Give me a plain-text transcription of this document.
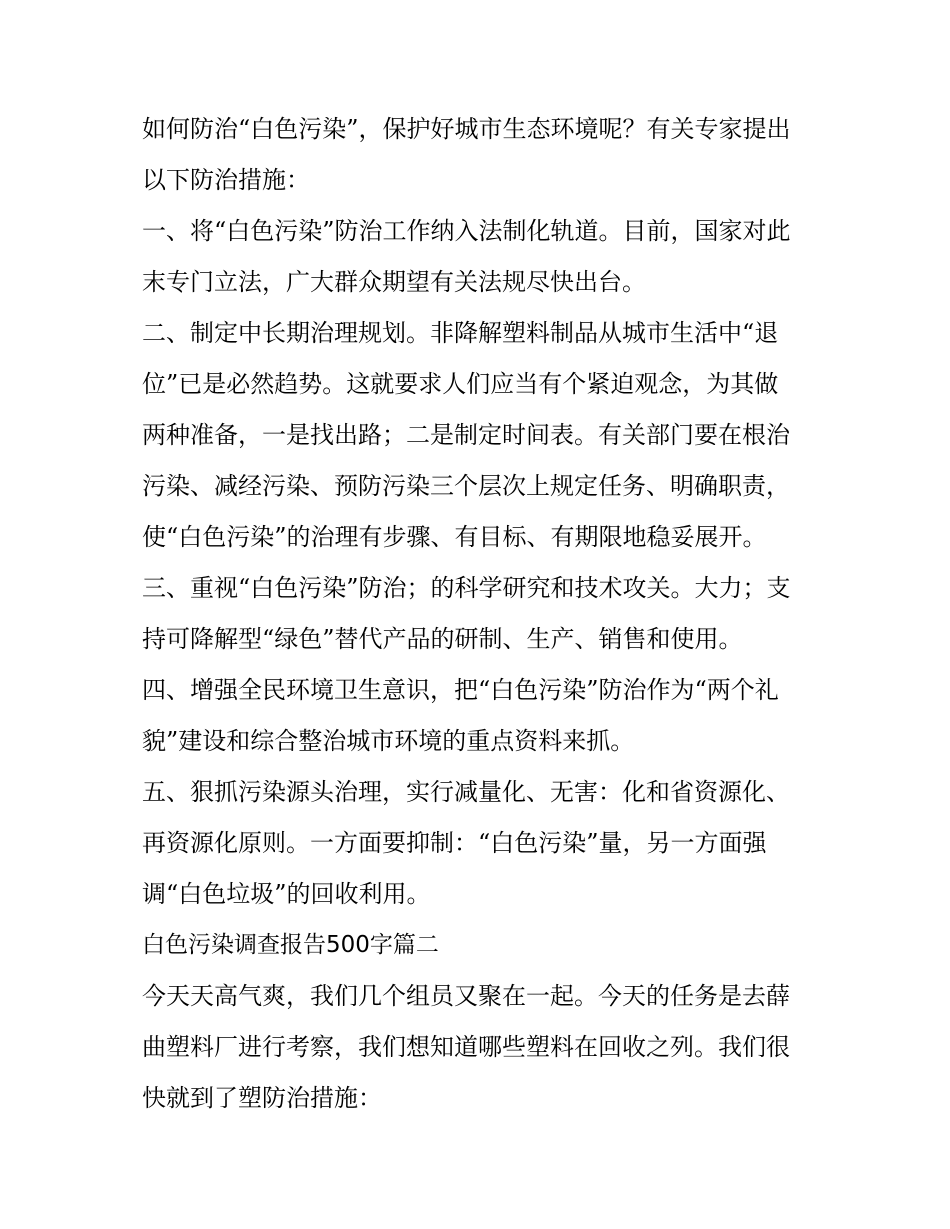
如何防治“白色污染”，保护好城市生态环境呢？有关专家提出
以下防治措施：
一、将“白色污染”防治工作纳入法制化轨道。目前，国家对此
末专门立法，广大群众期望有关法规尽快出台。
二、制定中长期治理规划。非降解塑料制品从城市生活中“退
位”已是必然趋势。这就要求人们应当有个紧迫观念，为其做
两种准备，一是找出路；二是制定时间表。有关部门要在根治
污染、减经污染、预防污染三个层次上规定任务、明确职责，
使“白色污染”的治理有步骤、有目标、有期限地稳妥展开。
三、重视“白色污染”防治；的科学研究和技术攻关。大力；支
持可降解型“绿色”替代产品的研制、生产、销售和使用。
四、增强全民环境卫生意识，把“白色污染”防治作为“两个礼
貌”建设和综合整治城市环境的重点资料来抓。
五、狠抓污染源头治理，实行减量化、无害：化和省资源化、
再资源化原则。一方面要抑制：“白色污染”量，另一方面强
调“白色垃圾”的回收利用。
白色污染调查报告500字篇二
今天天高气爽，我们几个组员又聚在一起。今天的任务是去薛
曲塑料厂进行考察，我们想知道哪些塑料在回收之列。我们很
快就到了塑防治措施：
